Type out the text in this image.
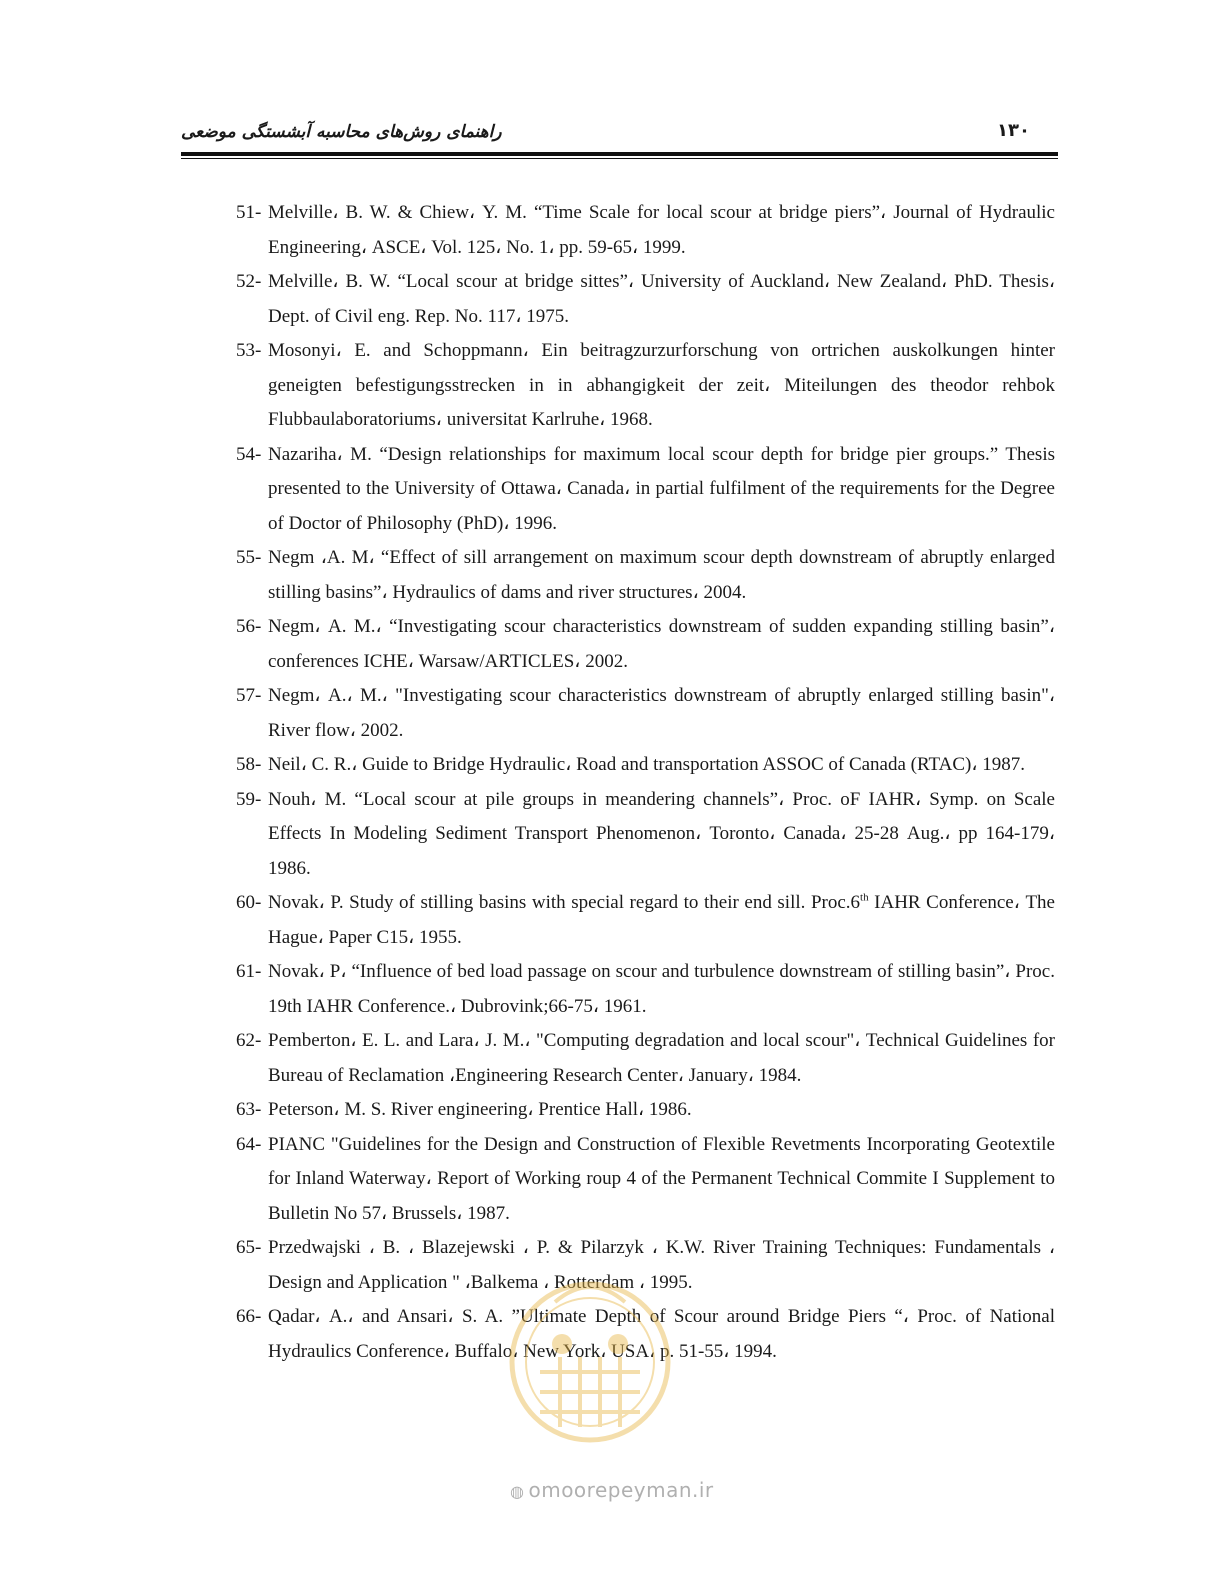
راهنمای روش‌های محاسبه آبشستگی موضعی	۱۳۰
51- Melville، B. W. & Chiew، Y. M. “Time Scale for local scour at bridge piers”، Journal of Hydraulic Engineering، ASCE، Vol. 125، No. 1، pp. 59-65، 1999.
52- Melville، B. W. “Local scour at bridge sittes”، University of Auckland، New Zealand، PhD. Thesis، Dept. of Civil eng. Rep. No. 117، 1975.
53- Mosonyi، E. and Schoppmann، Ein beitragzurzurforschung von ortrichen auskolkungen hinter geneigten befestigungsstrecken in in abhangigkeit der zeit، Miteilungen des theodor rehbok Flubbaulaboratoriums، universitat Karlruhe، 1968.
54- Nazariha، M. “Design relationships for maximum local scour depth for bridge pier groups.” Thesis presented to the University of Ottawa، Canada، in partial fulfilment of the requirements for the Degree of Doctor of Philosophy (PhD)، 1996.
55- Negm ،A. M، “Effect of sill arrangement on maximum scour depth downstream of abruptly enlarged stilling basins”، Hydraulics of dams and river structures، 2004.
56- Negm، A. M.، “Investigating scour characteristics downstream of sudden expanding stilling basin”، conferences ICHE، Warsaw/ARTICLES، 2002.
57- Negm، A.، M.، "Investigating scour characteristics downstream of abruptly enlarged stilling basin"، River flow، 2002.
58- Neil، C. R.، Guide to Bridge Hydraulic، Road and transportation ASSOC of Canada (RTAC)، 1987.
59- Nouh، M. “Local scour at pile groups in meandering channels”، Proc. oF IAHR، Symp. on Scale Effects In Modeling Sediment Transport Phenomenon، Toronto، Canada، 25-28 Aug.، pp 164-179، 1986.
60- Novak، P. Study of stilling basins with special regard to their end sill. Proc.6th IAHR Conference، The Hague، Paper C15، 1955.
61- Novak، P، “Influence of bed load passage on scour and turbulence downstream of stilling basin”، Proc. 19th IAHR Conference.، Dubrovink;66-75، 1961.
62- Pemberton، E. L. and Lara، J. M.، "Computing degradation and local scour"، Technical Guidelines for Bureau of Reclamation ،Engineering Research Center، January، 1984.
63- Peterson، M. S. River engineering، Prentice Hall، 1986.
64- PIANC "Guidelines for the Design and Construction of Flexible Revetments Incorporating Geotextile for Inland Waterway، Report of Working roup 4 of the Permanent Technical Commite I Supplement to Bulletin No 57، Brussels، 1987.
65- Przedwajski ، B. ، Blazejewski ، P. & Pilarzyk ، K.W. River Training Techniques: Fundamentals ، Design and Application " ،Balkema ، Rotterdam ، 1995.
66- Qadar، A.، and Ansari، S. A. ”Ultimate Depth of Scour around Bridge Piers “، Proc. of National Hydraulics Conference، Buffalo، New York، USA، p. 51-55، 1994.
◍ omoorepeyman.ir
